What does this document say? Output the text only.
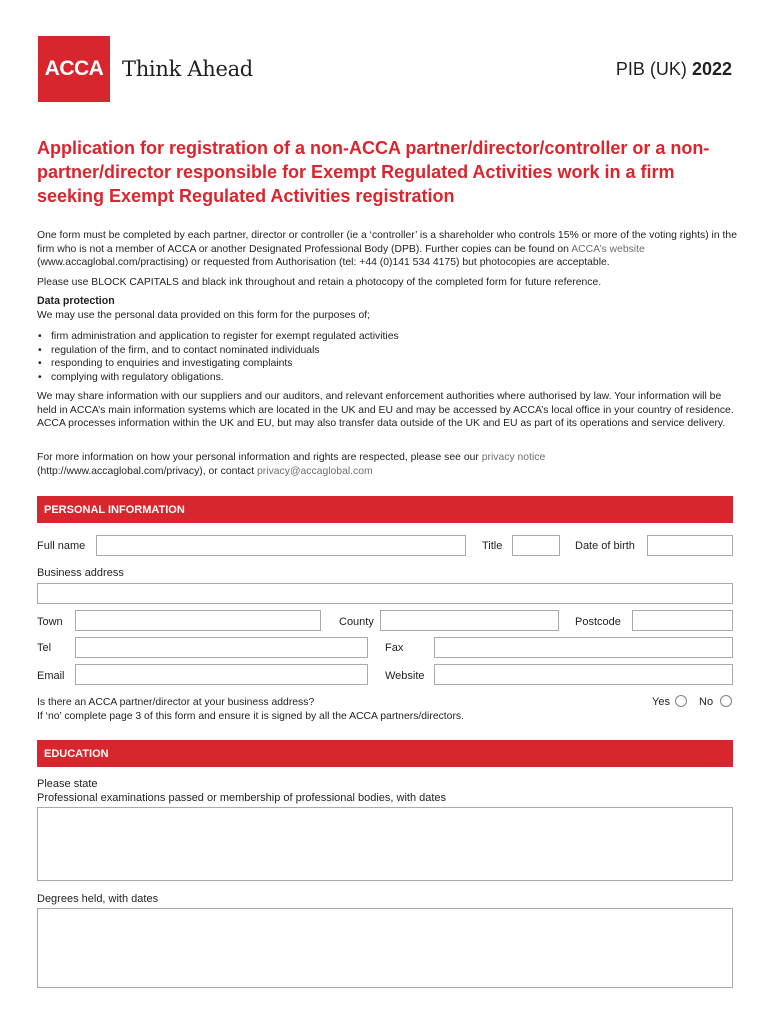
ACCA Think Ahead	PIB (UK) 2022
Application for registration of a non-ACCA partner/director/controller or a non-partner/director responsible for Exempt Regulated Activities work in a firm seeking Exempt Regulated Activities registration

One form must be completed by each partner, director or controller (ie a ‘controller’ is a shareholder who controls 15% or more of the voting rights) in the firm who is not a member of ACCA or another Designated Professional Body (DPB). Further copies can be found on ACCA’s website (www.accaglobal.com/practising) or requested from Authorisation (tel: +44 (0)141 534 4175) but photocopies are acceptable.

Please use BLOCK CAPITALS and black ink throughout and retain a photocopy of the completed form for future reference.

Data protection

We may use the personal data provided on this form for the purposes of;

• firm administration and application to register for exempt regulated activities
• regulation of the firm, and to contact nominated individuals
• responding to enquiries and investigating complaints
• complying with regulatory obligations.

We may share information with our suppliers and our auditors, and relevant enforcement authorities where authorised by law. Your information will be held in ACCA’s main information systems which are located in the UK and EU and may be accessed by ACCA’s local office in your country of residence. ACCA processes information within the UK and EU, but may also transfer data outside of the UK and EU as part of its operations and service delivery.

For more information on how your personal information and rights are respected, please see our privacy notice
(http://www.accaglobal.com/privacy), or contact privacy@accaglobal.com

PERSONAL INFORMATION
Full name	Title	Date of birth
Business address
Town	County	Postcode
Tel	Fax
Email	Website

Is there an ACCA partner/director at your business address?
If ‘no’ complete page 3 of this form and ensure it is signed by all the ACCA partners/directors.

Yes	No
EDUCATION
Please state
Professional examinations passed or membership of professional bodies, with dates
Degrees held, with dates
